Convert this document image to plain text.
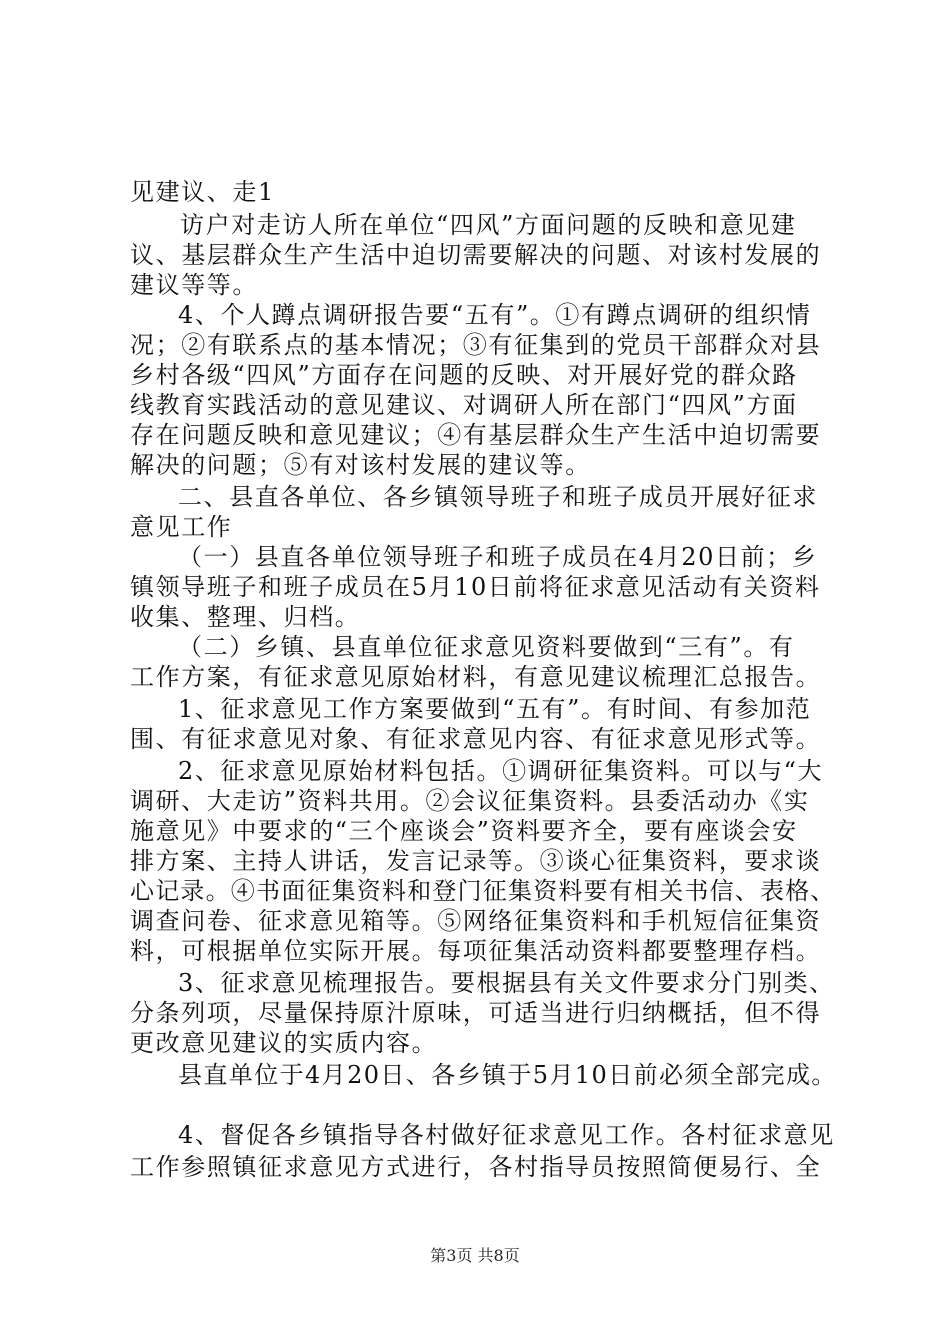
见建议、走1
访户对走访人所在单位“四风”方面问题的反映和意见建
议、基层群众生产生活中迫切需要解决的问题、对该村发展的
建议等等。
4、个人蹲点调研报告要“五有”。①有蹲点调研的组织情
况；②有联系点的基本情况；③有征集到的党员干部群众对县
乡村各级“四风”方面存在问题的反映、对开展好党的群众路
线教育实践活动的意见建议、对调研人所在部门“四风”方面
存在问题反映和意见建议；④有基层群众生产生活中迫切需要
解决的问题；⑤有对该村发展的建议等。
二、县直各单位、各乡镇领导班子和班子成员开展好征求
意见工作
（一）县直各单位领导班子和班子成员在4月20日前；乡
镇领导班子和班子成员在5月10日前将征求意见活动有关资料
收集、整理、归档。
（二）乡镇、县直单位征求意见资料要做到“三有”。有
工作方案，有征求意见原始材料，有意见建议梳理汇总报告。
1、征求意见工作方案要做到“五有”。有时间、有参加范
围、有征求意见对象、有征求意见内容、有征求意见形式等。
2、征求意见原始材料包括。①调研征集资料。可以与“大
调研、大走访”资料共用。②会议征集资料。县委活动办《实
施意见》中要求的“三个座谈会”资料要齐全，要有座谈会安
排方案、主持人讲话，发言记录等。③谈心征集资料，要求谈
心记录。④书面征集资料和登门征集资料要有相关书信、表格、
调查问卷、征求意见箱等。⑤网络征集资料和手机短信征集资
料，可根据单位实际开展。每项征集活动资料都要整理存档。
3、征求意见梳理报告。要根据县有关文件要求分门别类、
分条列项，尽量保持原汁原味，可适当进行归纳概括，但不得
更改意见建议的实质内容。
县直单位于4月20日、各乡镇于5月10日前必须全部完成。
4、督促各乡镇指导各村做好征求意见工作。各村征求意见
工作参照镇征求意见方式进行，各村指导员按照简便易行、全
第3页 共8页
